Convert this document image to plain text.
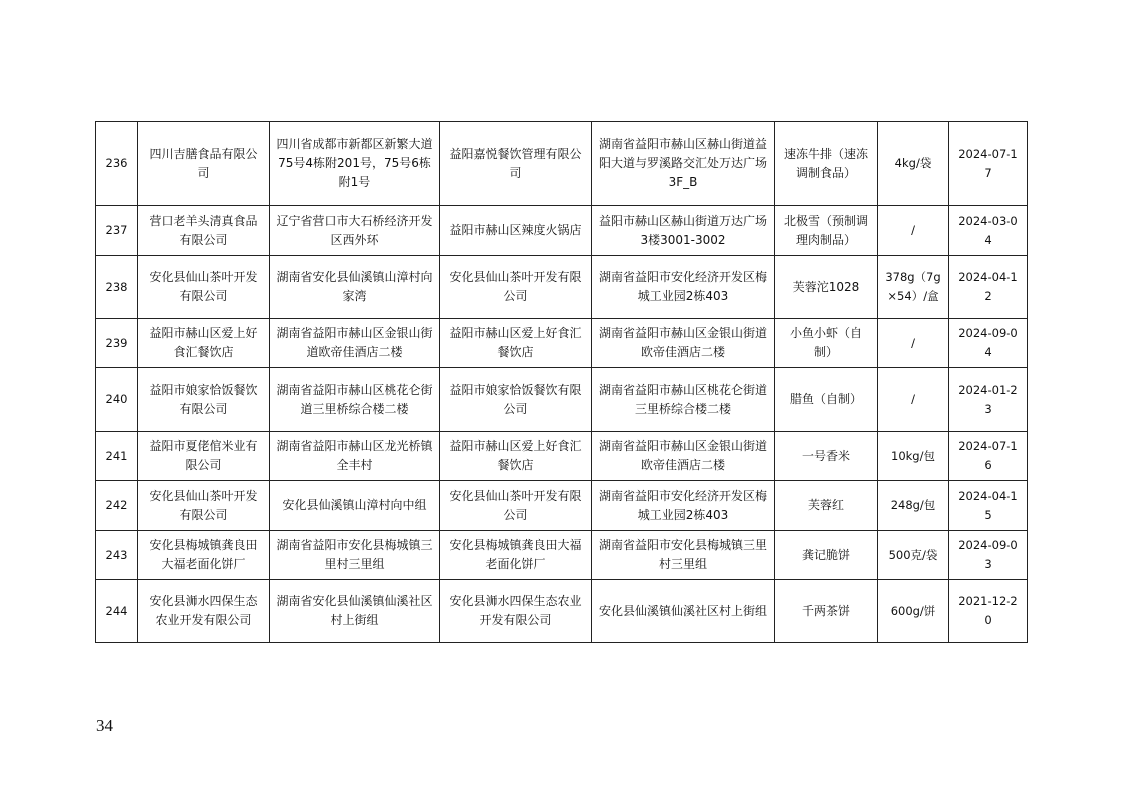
236	四川吉膳食品有限公司	四川省成都市新都区新繁大道75号4栋附201号，75号6栋附1号	益阳嘉悦餐饮管理有限公司	湖南省益阳市赫山区赫山街道益阳大道与罗溪路交汇处万达广场3F_B	速冻牛排（速冻调制食品）	4kg/袋	2024-07-17
237	营口老羊头清真食品有限公司	辽宁省营口市大石桥经济开发区西外环	益阳市赫山区辣度火锅店	益阳市赫山区赫山街道万达广场3楼3001-3002	北极雪（预制调理肉制品）	/	2024-03-04
238	安化县仙山茶叶开发有限公司	湖南省安化县仙溪镇山漳村向家湾	安化县仙山茶叶开发有限公司	湖南省益阳市安化经济开发区梅城工业园2栋403	芙蓉沱1028	378g（7g×54）/盒	2024-04-12
239	益阳市赫山区爱上好食汇餐饮店	湖南省益阳市赫山区金银山街道欧帝佳酒店二楼	益阳市赫山区爱上好食汇餐饮店	湖南省益阳市赫山区金银山街道欧帝佳酒店二楼	小鱼小虾（自制）	/	2024-09-04
240	益阳市娘家恰饭餐饮有限公司	湖南省益阳市赫山区桃花仑街道三里桥综合楼二楼	益阳市娘家恰饭餐饮有限公司	湖南省益阳市赫山区桃花仑街道三里桥综合楼二楼	腊鱼（自制）	/	2024-01-23
241	益阳市夏佬倌米业有限公司	湖南省益阳市赫山区龙光桥镇全丰村	益阳市赫山区爱上好食汇餐饮店	湖南省益阳市赫山区金银山街道欧帝佳酒店二楼	一号香米	10kg/包	2024-07-16
242	安化县仙山茶叶开发有限公司	安化县仙溪镇山漳村向中组	安化县仙山茶叶开发有限公司	湖南省益阳市安化经济开发区梅城工业园2栋403	芙蓉红	248g/包	2024-04-15
243	安化县梅城镇龚良田大福老面化饼厂	湖南省益阳市安化县梅城镇三里村三里组	安化县梅城镇龚良田大福老面化饼厂	湖南省益阳市安化县梅城镇三里村三里组	龚记脆饼	500克/袋	2024-09-03
244	安化县浉水四保生态农业开发有限公司	湖南省安化县仙溪镇仙溪社区村上街组	安化县浉水四保生态农业开发有限公司	安化县仙溪镇仙溪社区村上街组	千两茶饼	600g/饼	2021-12-20
34
